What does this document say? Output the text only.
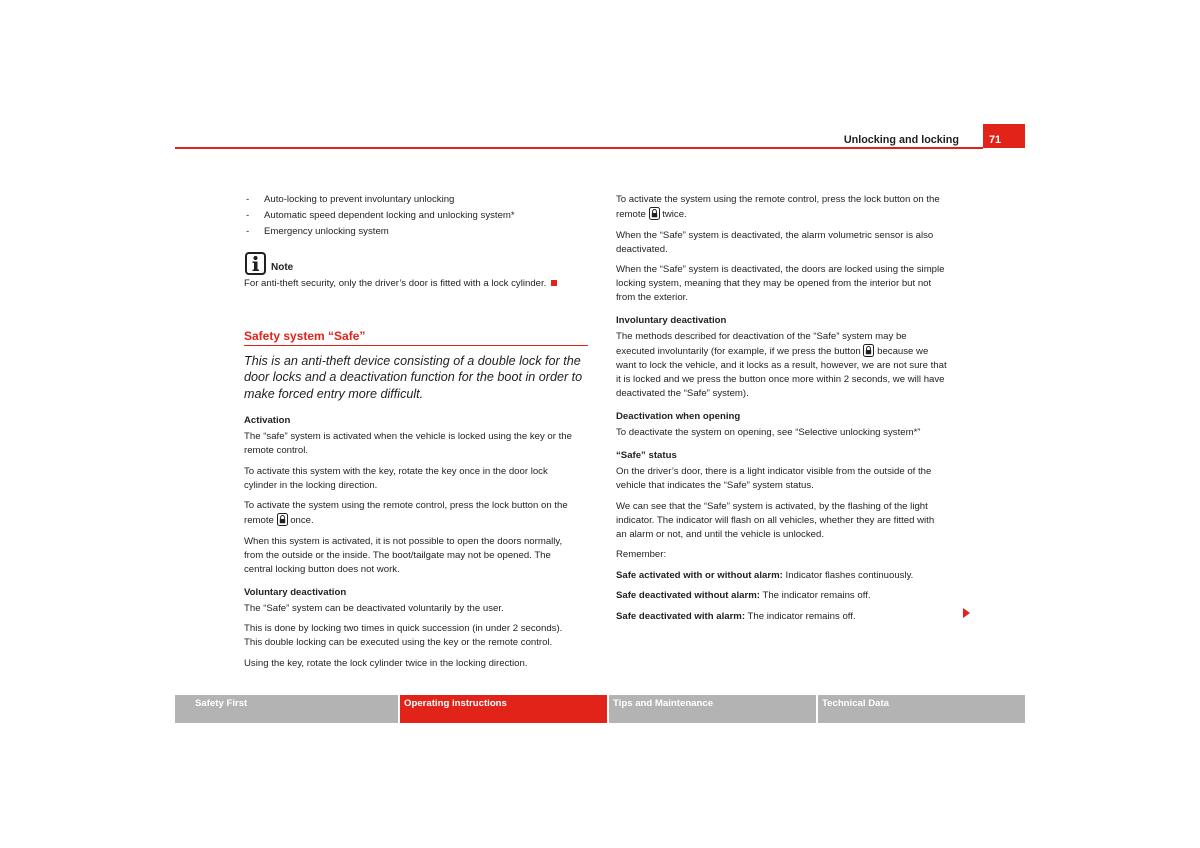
Unlocking and locking	71
- Auto-locking to prevent involuntary unlocking
- Automatic speed dependent locking and unlocking system*
- Emergency unlocking system
Note
For anti-theft security, only the driver’s door is fitted with a lock cylinder.
Safety system “Safe”

This is an anti-theft device consisting of a double lock for the
door locks and a deactivation function for the boot in order to
make forced entry more difficult.

Activation

The “safe” system is activated when the vehicle is locked using the key or the
remote control.

To activate this system with the key, rotate the key once in the door lock
cylinder in the locking direction.

To activate the system using the remote control, press the lock button on the
remote once.

When this system is activated, it is not possible to open the doors normally,
from the outside or the inside. The boot/tailgate may not be opened. The
central locking button does not work.

Voluntary deactivation

The “Safe” system can be deactivated voluntarily by the user.

This is done by locking two times in quick succession (in under 2 seconds).
This double locking can be executed using the key or the remote control.

Using the key, rotate the lock cylinder twice in the locking direction.

To activate the system using the remote control, press the lock button on the
remote twice.

When the “Safe” system is deactivated, the alarm volumetric sensor is also
deactivated.

When the “Safe” system is deactivated, the doors are locked using the simple
locking system, meaning that they may be opened from the interior but not
from the exterior.

Involuntary deactivation

The methods described for deactivation of the “Safe” system may be
executed involuntarily (for example, if we press the button because we
want to lock the vehicle, and it locks as a result, however, we are not sure that
it is locked and we press the button once more within 2 seconds, we will have
deactivated the “Safe” system).

Deactivation when opening

To deactivate the system on opening, see “Selective unlocking system*”

“Safe” status

On the driver’s door, there is a light indicator visible from the outside of the
vehicle that indicates the “Safe” system status.

We can see that the “Safe” system is activated, by the flashing of the light
indicator. The indicator will flash on all vehicles, whether they are fitted with
an alarm or not, and until the vehicle is unlocked.

Remember:

Safe activated with or without alarm: Indicator flashes continuously.

Safe deactivated without alarm: The indicator remains off.

Safe deactivated with alarm: The indicator remains off.

Safety First	Operating instructions	Tips and Maintenance	Technical Data
